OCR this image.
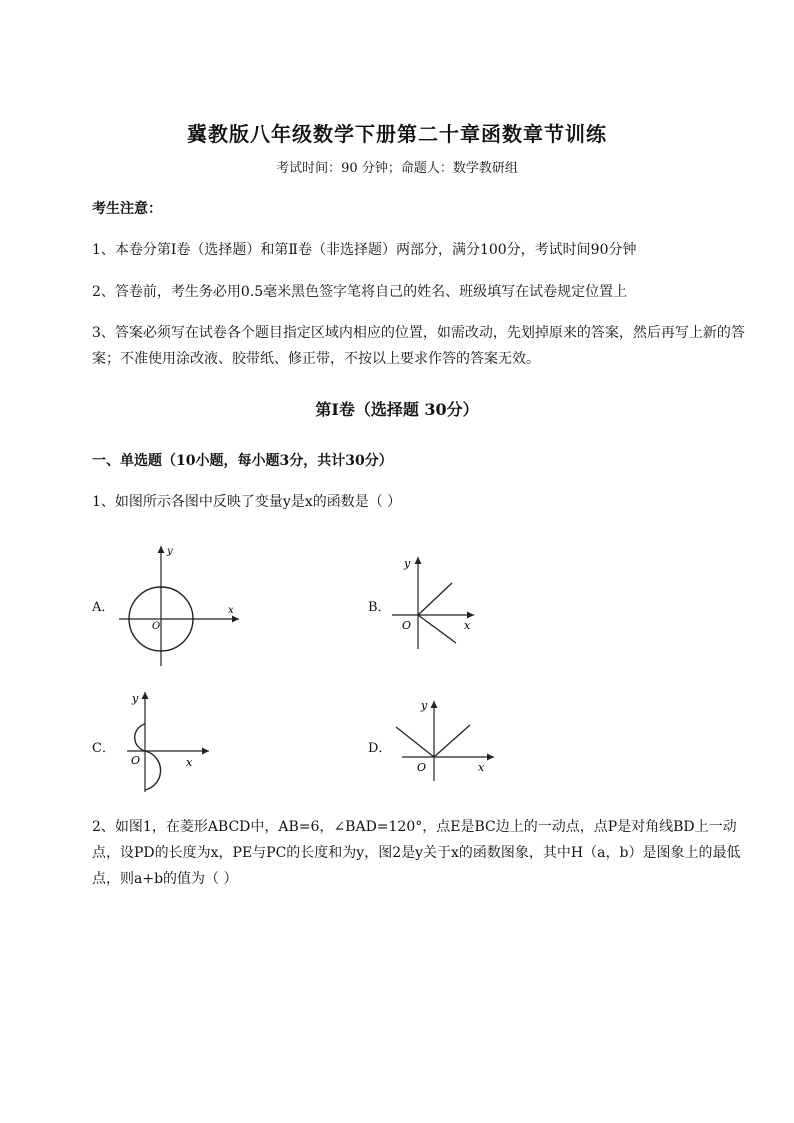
冀教版八年级数学下册第二十章函数章节训练
考试时间：90 分钟；命题人：数学教研组
考生注意：
1、本卷分第Ⅰ卷（选择题）和第Ⅱ卷（非选择题）两部分，满分100分，考试时间90分钟
2、答卷前，考生务必用0.5毫米黑色签字笔将自己的姓名、班级填写在试卷规定位置上
3、答案必须写在试卷各个题目指定区域内相应的位置，如需改动，先划掉原来的答案，然后再写上新的答案；不准使用涂改液、胶带纸、修正带，不按以上要求作答的答案无效。
第Ⅰ卷（选择题 30分）
一、单选题（10小题，每小题3分，共计30分）
1、如图所示各图中反映了变量y是x的函数是（ ）
A．
y
x
O
B．
y
x
O
C．
y
x
O
D．
y
x
O
2、如图1，在菱形ABCD中，AB=6，∠BAD=120°，点E是BC边上的一动点，点P是对角线BD上一动点，设PD的长度为x，PE与PC的长度和为y，图2是y关于x的函数图象，其中H（a，b）是图象上的最低点，则a+b的值为（ ）
